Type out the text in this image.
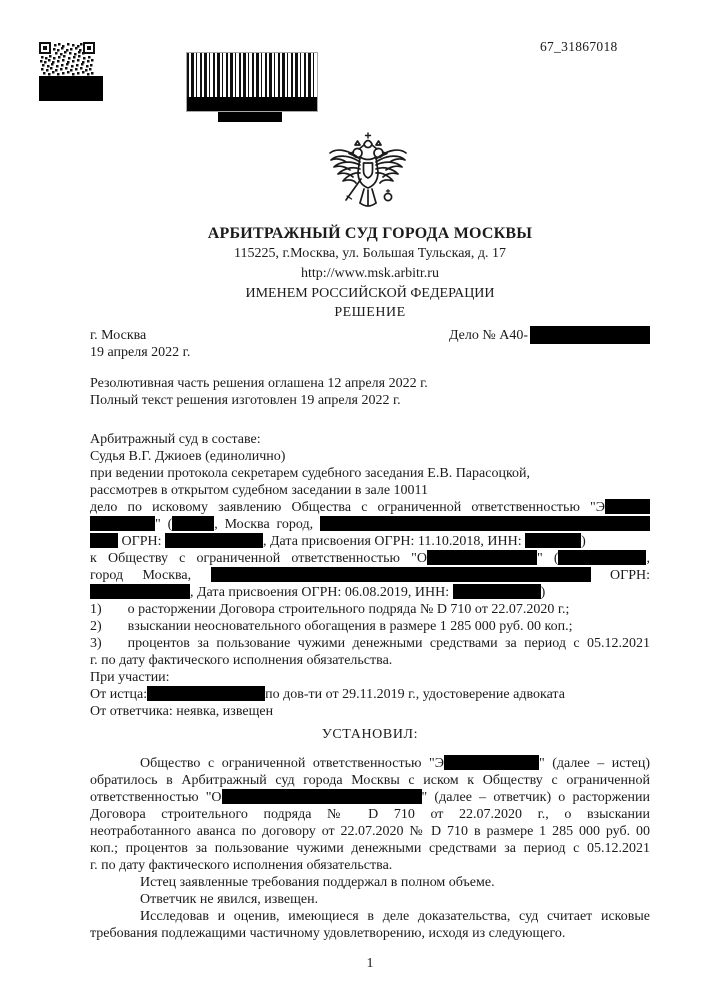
67_31867018
АРБИТРАЖНЫЙ СУД ГОРОДА МОСКВЫ
115225, г.Москва, ул. Большая Тульская, д. 17
http://www.msk.arbitr.ru
ИМЕНЕМ РОССИЙСКОЙ ФЕДЕРАЦИИ
РЕШЕНИЕ
г. Москва	Дело № А40-
19 апреля 2022 г.
Резолютивная часть решения оглашена 12 апреля 2022 г.
Полный текст решения изготовлен 19 апреля 2022 г.
Арбитражный суд в составе:
Судья В.Г. Джиоев (единолично)
при ведении протокола секретарем судебного заседания Е.В. Парасоцкой,
рассмотрев в открытом судебном заседании в зале 10011
дело по исковому заявлению Общества с ограниченной ответственностью "Э
" (	, Москва город,
ОГРН:	, Дата присвоения ОГРН: 11.10.2018, ИНН:	)
к Обществу с ограниченной ответственностью "О	" (	,
город Москва,	ОГРН:
, Дата присвоения ОГРН: 06.08.2019, ИНН:	)
1) о расторжении Договора строительного подряда № D 710 от 22.07.2020 г.;
2) взыскании неосновательного обогащения в размере 1 285 000 руб. 00 коп.;
3) процентов за пользование чужими денежными средствами за период с 05.12.2021
г. по дату фактического исполнения обязательства.
При участии:
От истца:	по дов-ти от 29.11.2019 г., удостоверение адвоката
От ответчика: неявка, извещен
УСТАНОВИЛ:
Общество с ограниченной ответственностью "Э	" (далее – истец)
обратилось в Арбитражный суд города Москвы с иском к Обществу с ограниченной
ответственностью "О	" (далее – ответчик) о расторжении
Договора строительного подряда № D 710 от 22.07.2020 г., о взыскании
неотработанного аванса по договору от 22.07.2020 № D 710 в размере 1 285 000 руб. 00
коп.; процентов за пользование чужими денежными средствами за период с 05.12.2021
г. по дату фактического исполнения обязательства.
Истец заявленные требования поддержал в полном объеме.
Ответчик не явился, извещен.
Исследовав и оценив, имеющиеся в деле доказательства, суд считает исковые
требования подлежащими частичному удовлетворению, исходя из следующего.
1
